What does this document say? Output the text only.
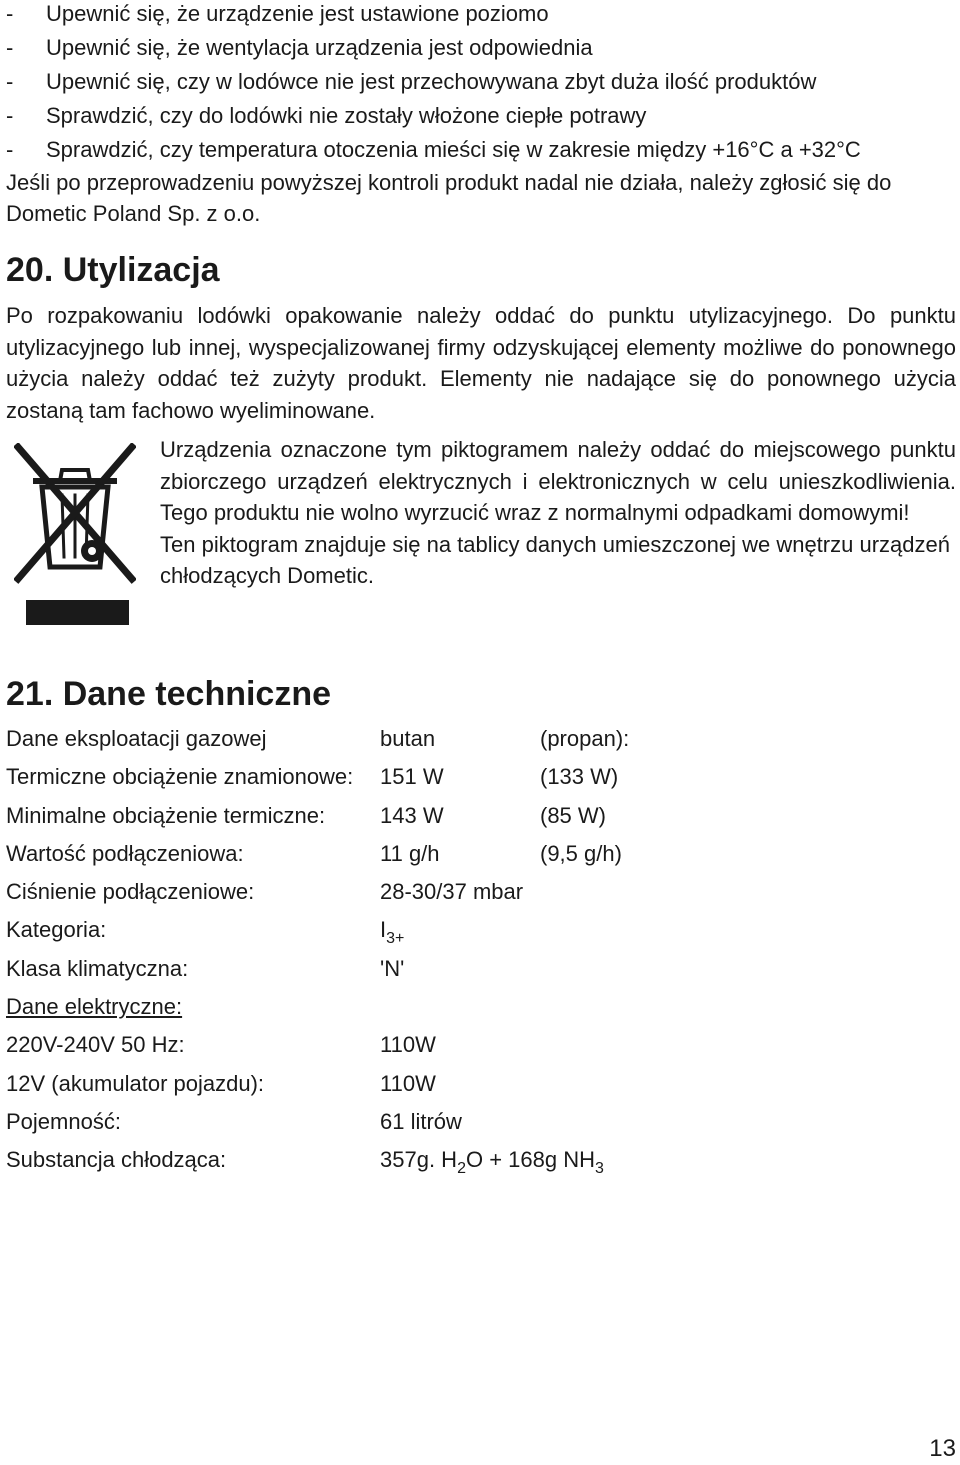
- Upewnić się, że urządzenie jest ustawione poziomo
- Upewnić się, że wentylacja urządzenia jest odpowiednia
- Upewnić się, czy w lodówce nie jest przechowywana zbyt duża ilość produktów
- Sprawdzić, czy do lodówki nie zostały włożone ciepłe potrawy
- Sprawdzić, czy temperatura otoczenia mieści się w zakresie między +16°C a +32°C

Jeśli po przeprowadzeniu powyższej kontroli produkt nadal nie działa, należy zgłosić się do Dometic Poland Sp. z o.o.

20. Utylizacja

Po rozpakowaniu lodówki opakowanie należy oddać do punktu utylizacyjnego. Do punktu utylizacyjnego lub innej, wyspecjalizowanej firmy odzyskującej elementy możliwe do ponownego użycia należy oddać też zużyty produkt. Elementy nie nadające się do ponownego użycia zostaną tam fachowo wyeliminowane.

Urządzenia oznaczone tym piktogramem należy oddać do miejscowego punktu zbiorczego urządzeń elektrycznych i elektronicznych w celu unieszkodliwienia. Tego produktu nie wolno wyrzucić wraz z normalnymi odpadkami domowymi!

Ten piktogram znajduje się na tablicy danych umieszczonej we wnętrzu urządzeń chłodzących Dometic.

21. Dane techniczne
Dane eksploatacji gazowej	butan	(propan):
Termiczne obciążenie znamionowe: 151 W	(133 W)
Minimalne obciążenie termiczne: 143 W	(85 W)
Wartość podłączeniowa:	11 g/h	(9,5 g/h)
Ciśnienie podłączeniowe:	28-30/37 mbar
Kategoria:	$I_{3+}$
Klasa klimatyczna:	'N'
Dane elektryczne:
220V-240V 50 Hz:	110W
12V (akumulator pojazdu):	110W
Pojemność:	61 litrów
Substancja chłodząca:	357g. $H_2O + 168g$ $NH_3$
13
